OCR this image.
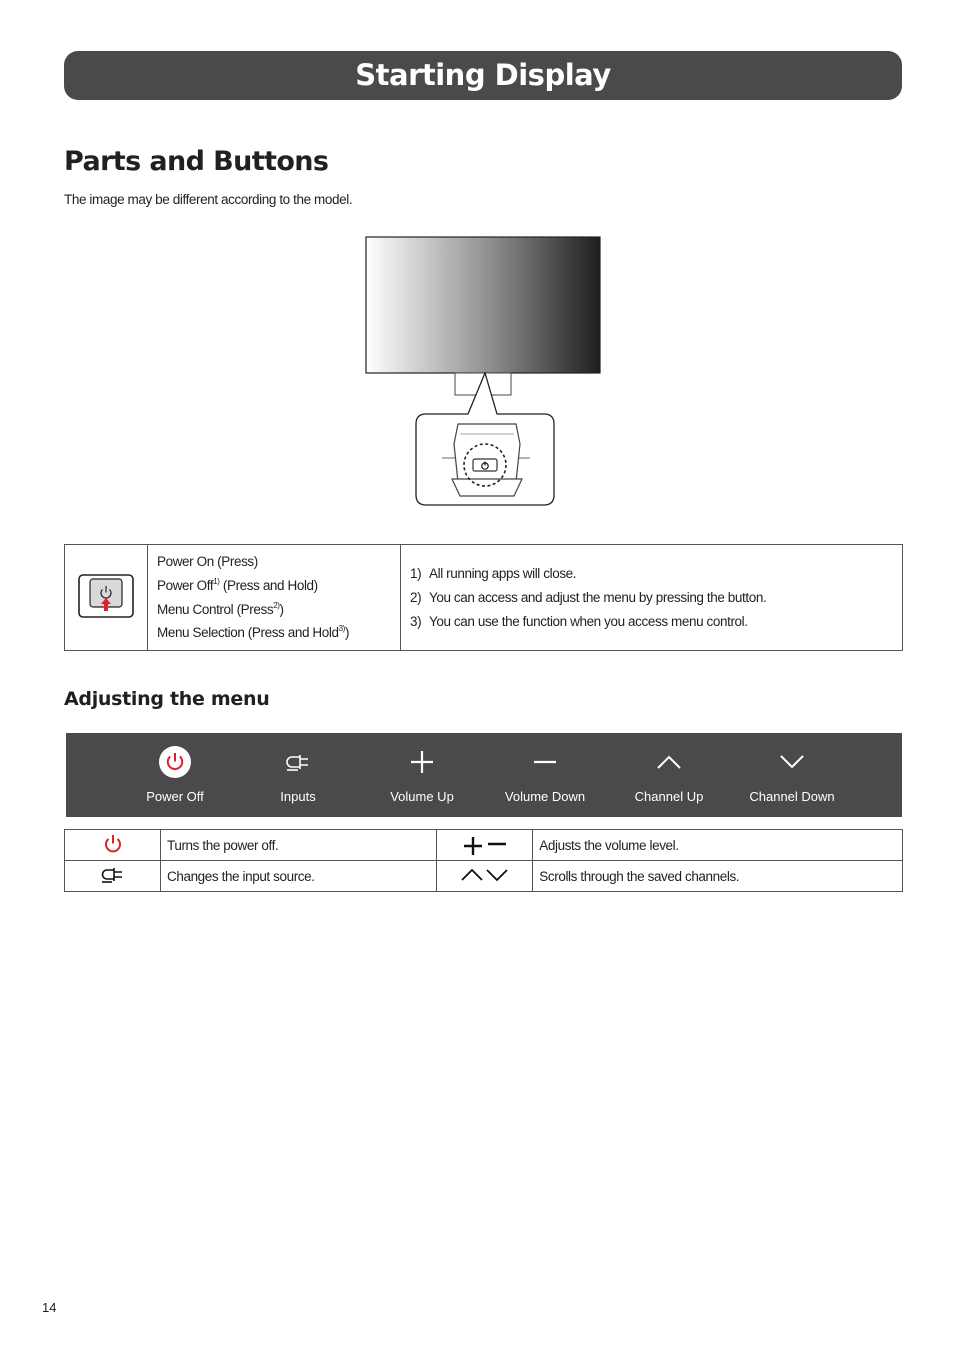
Starting Display
Parts and Buttons

The image may be different according to the model.

Power On (Press)
Power Off$^{1)}$ (Press and Hold)
Menu Control (Press$^{2)}$)
Menu Selection (Press and Hold$^{3)}$)

1) All running apps will close.
2) You can access and adjust the menu by pressing the button.
3) You can use the function when you access menu control.
Adjusting the menu
Power Off	Inputs	Volume Up	Volume Down	Channel Up	Channel Down
	Turns the power off.		Adjusts the volume level.
	Changes the input source.		Scrolls through the saved channels.
14
